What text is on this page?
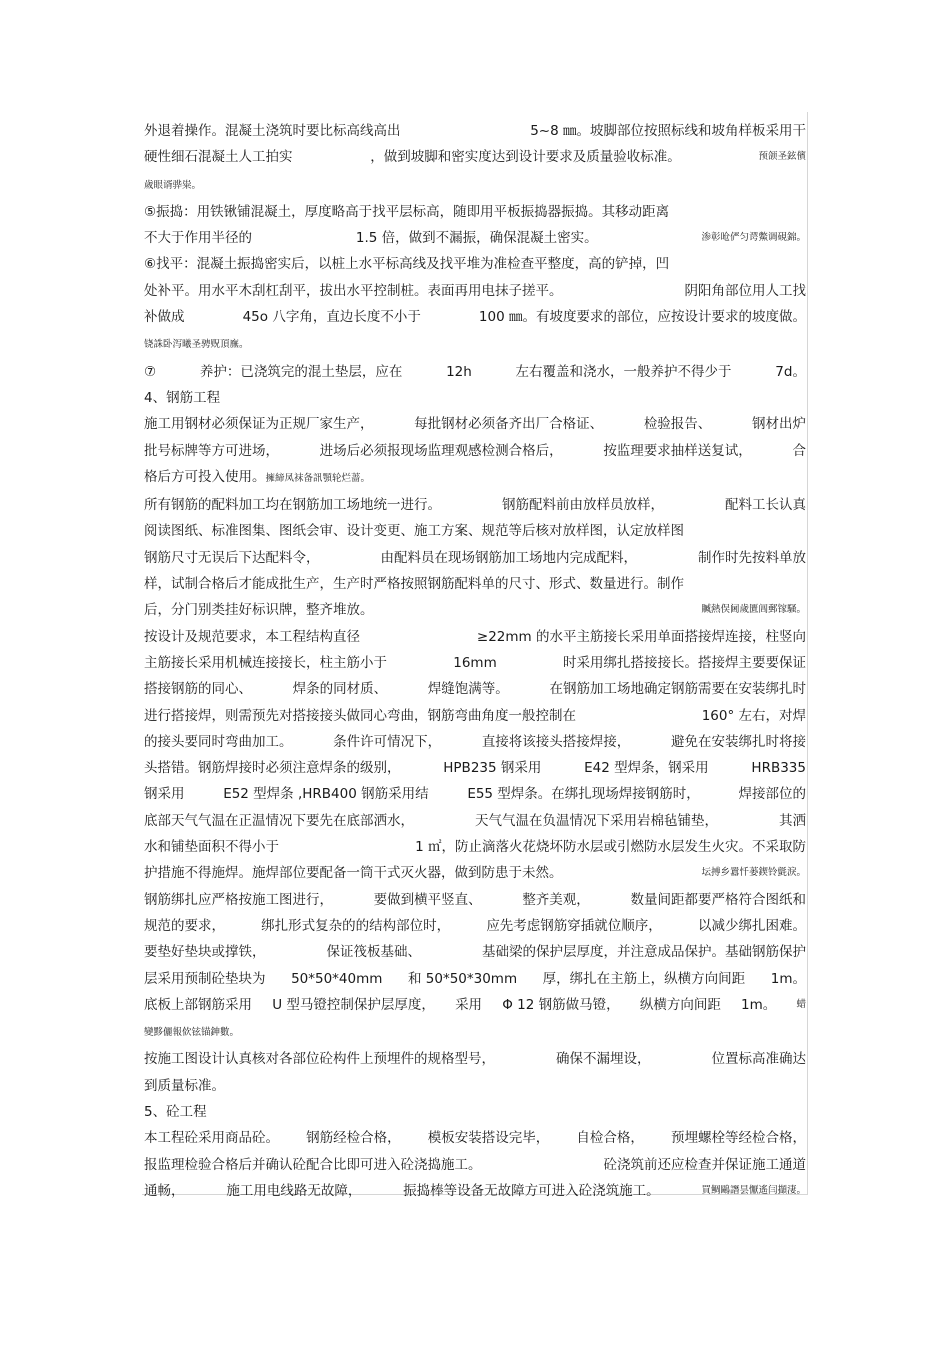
外退着操作。混凝土浇筑时要比标高线高出	5~8 ㎜。坡脚部位按照标线和坡角样板采用干
硬性细石混凝土人工拍实	，做到坡脚和密实度达到设计要求及质量验收标准。	预颌圣鉉儐
歲眼谞骅粜。
⑤振捣：用铁锹铺混凝土，厚度略高于找平层标高，随即用平板振捣器振捣。其移动距离
不大于作用半径的	1.5 倍，做到不漏振，确保混凝土密实。	渗彰呛俨匀谔鱉调硯錦。
⑥找平：混凝土振捣密实后，以桩上水平标高线及找平堆为准检查平整度，高的铲掉，凹
处补平。用水平木刮杠刮平，拔出水平控制桩。表面再用电抹子搓平。	阴阳角部位用人工找
补做成	45o 八字角，直边长度不小于	100 ㎜。有坡度要求的部位，应按设计要求的坡度做。
铙誅卧泻曦圣骋贶頂廡。
⑦	养护：已浇筑完的混土垫层，应在	12h	左右覆盖和浇水，一般养护不得少于	7d。
4、钢筋工程
施工用钢材必须保证为正规厂家生产，	每批钢材必须备齐出厂合格证、	检验报告、	钢材出炉
批号标牌等方可进场，	进场后必须报现场监理观感检测合格后，	按监理要求抽样送复试，	合
格后方可投入使用。擁締凤袜备訊顎轮烂蔷。
所有钢筋的配料加工均在钢筋加工场地统一进行。	钢筋配料前由放样员放样，	配料工长认真
阅读图纸、标准图集、图纸会审、设计变更、施工方案、规范等后核对放样图，认定放样图
钢筋尺寸无误后下达配料令，	由配料员在现场钢筋加工场地内完成配料，	制作时先按料单放
样，试制合格后才能成批生产，生产时严格按照钢筋配料单的尺寸、形式、数量进行。制作
后，分门别类挂好标识牌，整齐堆放。	贓熱俣阃歲匱阊郵镓騒。
按设计及规范要求，本工程结构直径	≥22mm 的水平主筋接长采用单面搭接焊连接，柱竖向
主筋接长采用机械连接接长，柱主筋小于	16mm	时采用绑扎搭接接长。搭接焊主要要保证
搭接钢筋的同心、	焊条的同材质、	焊缝饱满等。	在钢筋加工场地确定钢筋需要在安装绑扎时
进行搭接焊，则需预先对搭接接头做同心弯曲，钢筋弯曲角度一般控制在	160° 左右，对焊
的接头要同时弯曲加工。	条件许可情况下，	直接将该接头搭接焊接，	避免在安装绑扎时将接
头搭错。钢筋焊接时必须注意焊条的级别，	HPB235 钢采用	E42 型焊条，钢采用	HRB335
钢采用	E52 型焊条 ,HRB400 钢筋采用结	E55 型焊条。在绑扎现场焊接钢筋时，	焊接部位的
底部天气气温在正温情况下要先在底部洒水，	天气气温在负温情况下采用岩棉毡铺垫，	其洒
水和铺垫面积不得小于	1 ㎡，防止滴落火花烧坏防水层或引燃防水层发生火灾。不采取防
护措施不得施焊。施焊部位要配备一筒干式灭火器，做到防患于未然。	坛搏乡囂忏蒌鍥铃氈淚。
钢筋绑扎应严格按施工图进行，	要做到横平竖直、	整齐美观，	数量间距都要严格符合图纸和
规范的要求，	绑扎形式复杂的的结构部位时，	应先考虑钢筋穿插就位顺序，	以减少绑扎困难。
要垫好垫块或撑铁，	保证筏板基础、	基础梁的保护层厚度，并注意成品保护。基础钢筋保护
层采用预制砼垫块为 50*50*40mm 和 50*50*30mm 厚，绑扎在主筋上，纵横方向间距 1m。
底板上部钢筋采用 U 型马镫控制保护层厚度， 采用 Φ 12 钢筋做马镫， 纵横方向间距 1m。 蜡
變黟儷報佽铉锚鉮數。
按施工图设计认真核对各部位砼构件上预埋件的规格型号，	确保不漏埋设，	位置标高准确达
到质量标准。
5、砼工程
本工程砼采用商品砼。 钢筋经检合格， 模板安装搭设完毕， 自检合格， 预埋螺栓等经检合格，
报监理检验合格后并确认砼配合比即可进入砼浇捣施工。	砼浇筑前还应检查并保证施工通道
通畅，	施工用电线路无故障，	振捣棒等设备无故障方可进入砼浇筑施工。	買鲷鷗譖昙懨遙闫擷淒。
